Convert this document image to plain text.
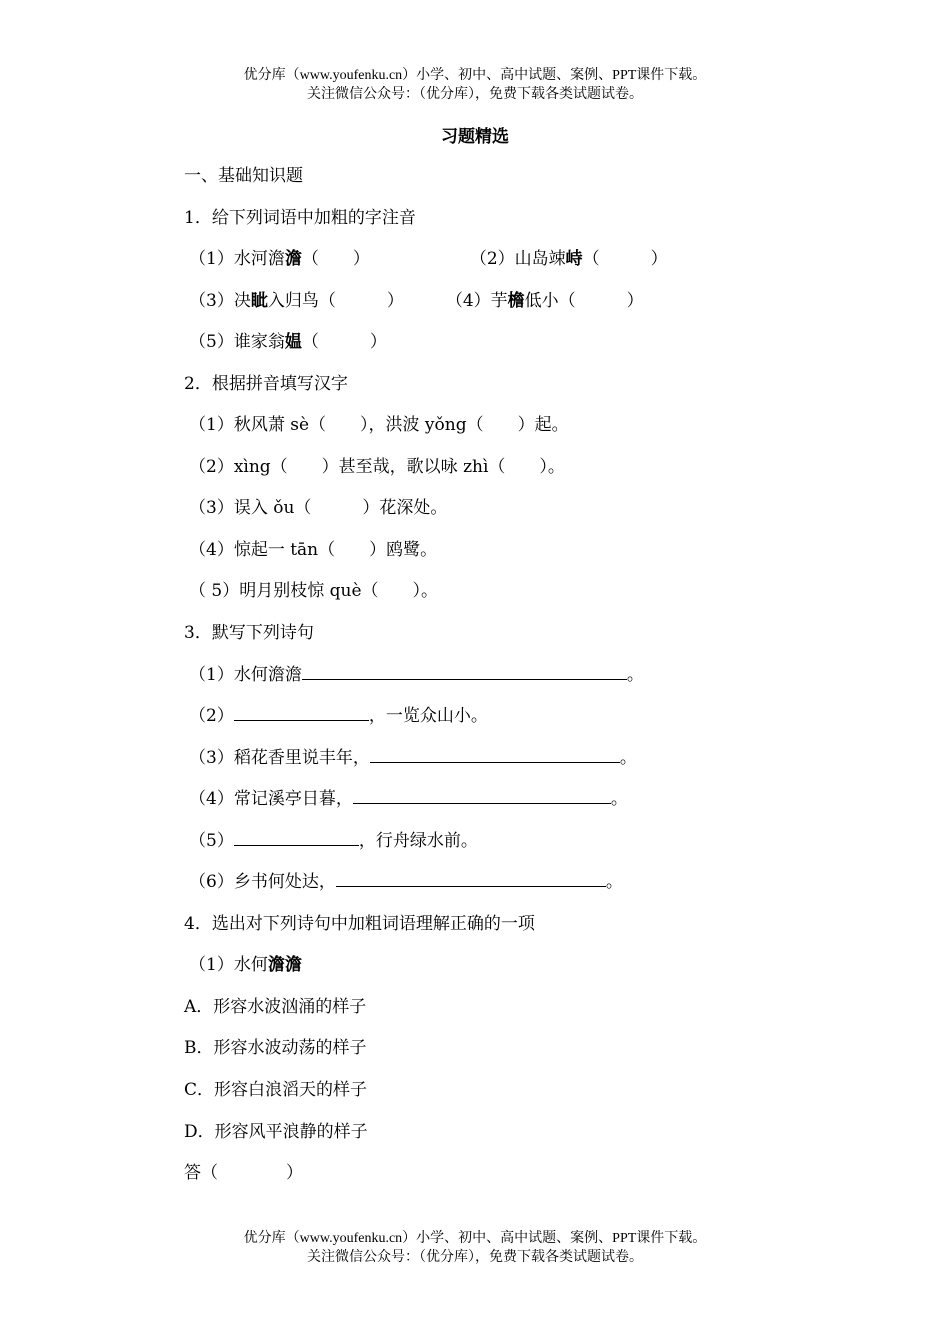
优分库（www.youfenku.cn）小学、初中、高中试题、案例、PPT课件下载。
关注微信公众号：（优分库），免费下载各类试题试卷。
习题精选
一、基础知识题
1．给下列词语中加粗的字注音
（1）水河澹澹（　　）	（2）山岛竦峙（　　　）
（3）决眦入归鸟（　　　） （4）芋檐低小（　　　）
（5）谁家翁媪（　　　）
2．根据拼音填写汉字
（1）秋风萧 sè（　　），洪波 yǒng（　　）起。
（2）xìng（　　）甚至哉，歌以咏 zhì（　　）。
（3）误入 ǒu（　　　）花深处。
（4）惊起一 tān（　　）鸥鹭。
（ 5）明月别枝惊 què（　　）。
3．默写下列诗句
（1）水何澹澹	。
（2）	，一览众山小。
（3）稻花香里说丰年，	。
（4）常记溪亭日暮，	。
（5）	，行舟绿水前。
（6）乡书何处达，	。
4．选出对下列诗句中加粗词语理解正确的一项
（1）水何澹澹
A．形容水波汹涌的样子
B．形容水波动荡的样子
C．形容白浪滔天的样子
D．形容风平浪静的样子
答（　　　　）
优分库（www.youfenku.cn）小学、初中、高中试题、案例、PPT课件下载。
关注微信公众号：（优分库），免费下载各类试题试卷。
